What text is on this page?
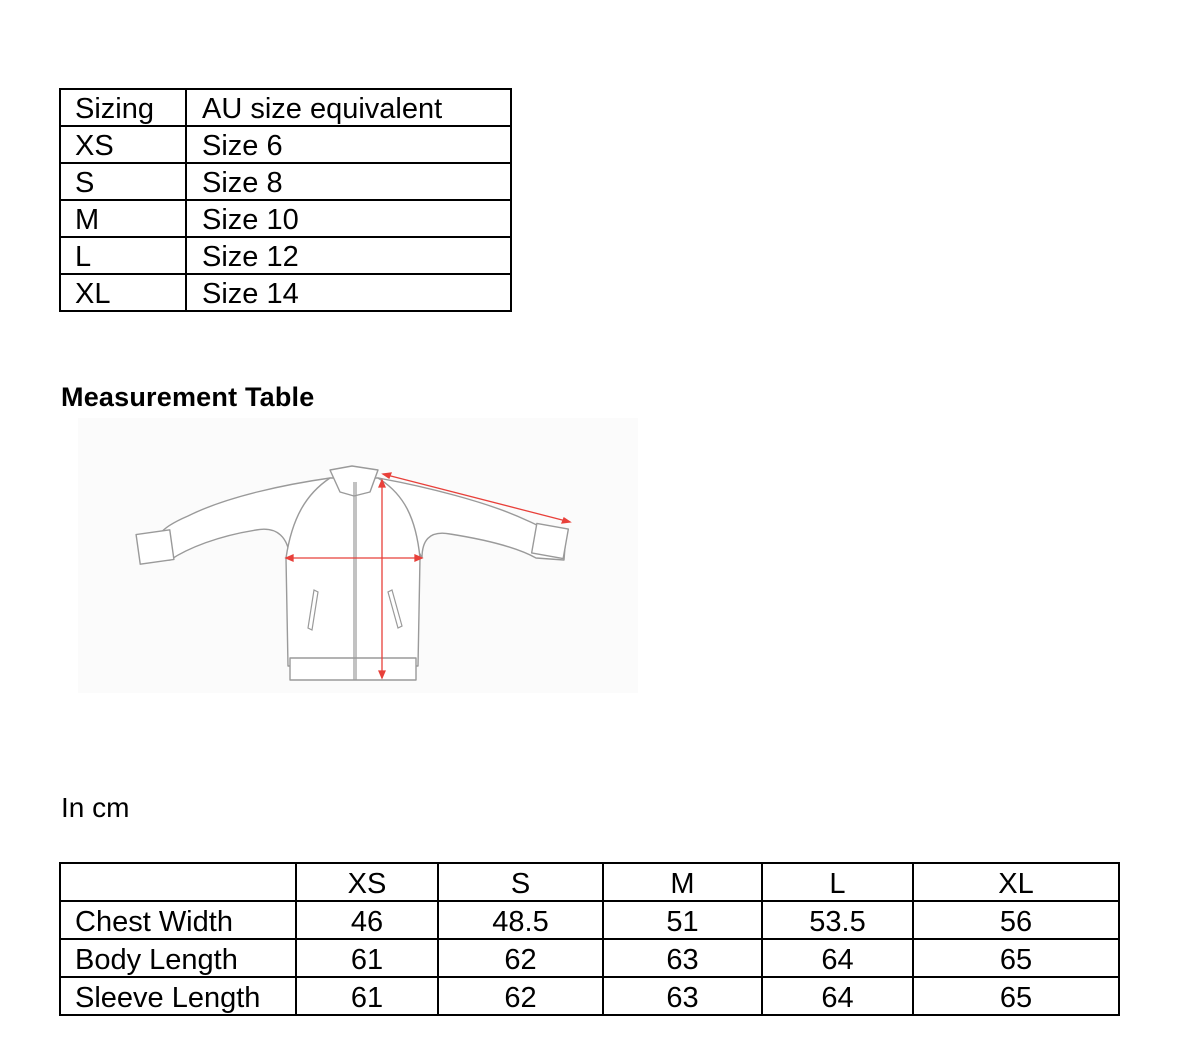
Sizing	AU size equivalent
XS	Size 6
S	Size 8
M	Size 10
L	Size 12
XL	Size 14
Measurement Table
In cm
	XS	S	M	L	XL
Chest Width	46	48.5	51	53.5	56
Body Length	61	62	63	64	65
Sleeve Length	61	62	63	64	65
